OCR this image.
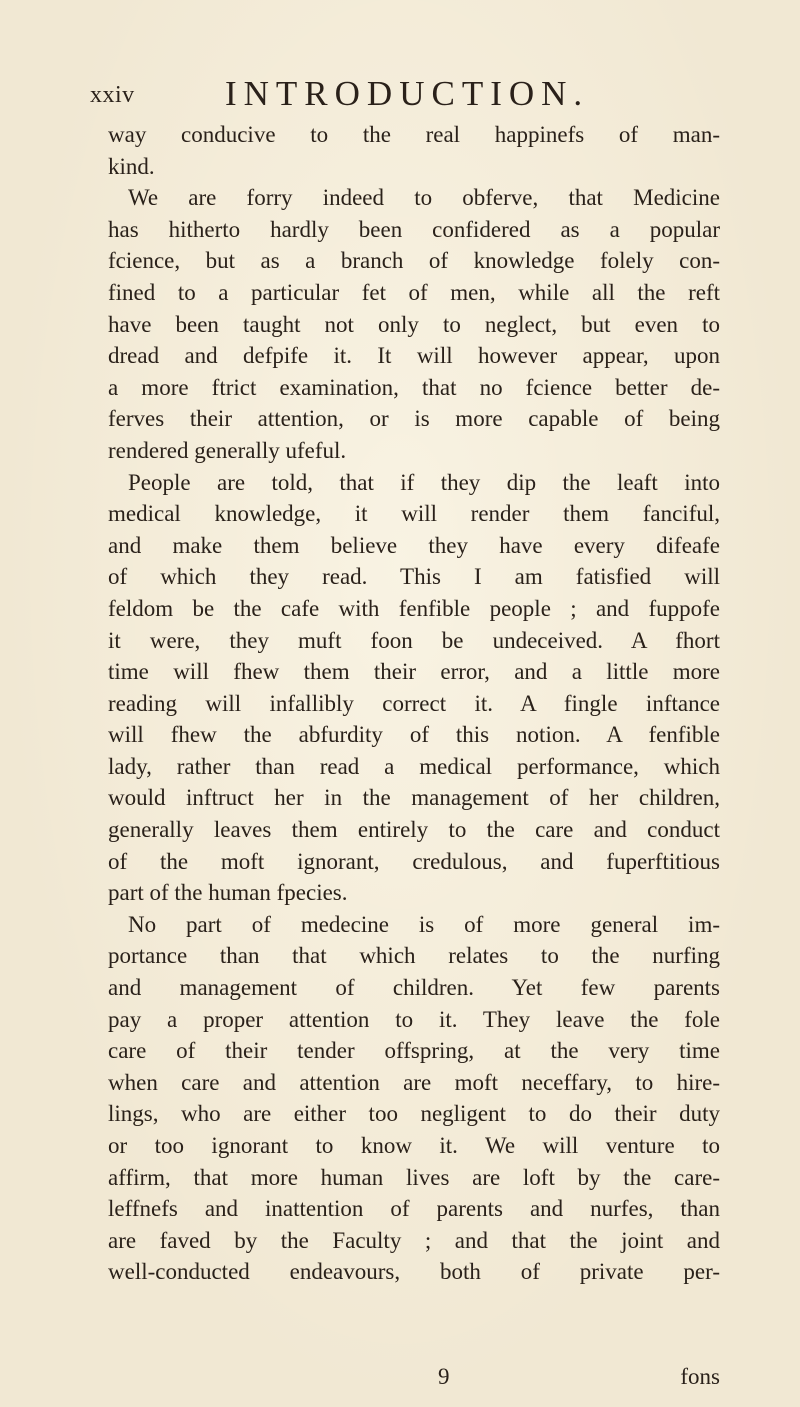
xxiv	INTRODUCTION.
way conducive to the real happinefs of man-
kind.
We are forry indeed to obferve, that Medicine
has hitherto hardly been confidered as a popular
fcience, but as a branch of knowledge folely con-
fined to a particular fet of men, while all the reft
have been taught not only to neglect, but even to
dread and defpife it. It will however appear, upon
a more ftrict examination, that no fcience better de-
ferves their attention, or is more capable of being
rendered generally ufeful.
People are told, that if they dip the leaft into
medical knowledge, it will render them fanciful,
and make them believe they have every difeafe
of which they read. This I am fatisfied will
feldom be the cafe with fenfible people ; and fuppofe
it were, they muft foon be undeceived. A fhort
time will fhew them their error, and a little more
reading will infallibly correct it. A fingle inftance
will fhew the abfurdity of this notion. A fenfible
lady, rather than read a medical performance, which
would inftruct her in the management of her children,
generally leaves them entirely to the care and conduct
of the moft ignorant, credulous, and fuperftitious
part of the human fpecies.
No part of medecine is of more general im-
portance than that which relates to the nurfing
and management of children. Yet few parents
pay a proper attention to it. They leave the fole
care of their tender offspring, at the very time
when care and attention are moft neceffary, to hire-
lings, who are either too negligent to do their duty
or too ignorant to know it. We will venture to
affirm, that more human lives are loft by the care-
leffnefs and inattention of parents and nurfes, than
are faved by the Faculty ; and that the joint and
well-conducted endeavours, both of private per-
9	fons
